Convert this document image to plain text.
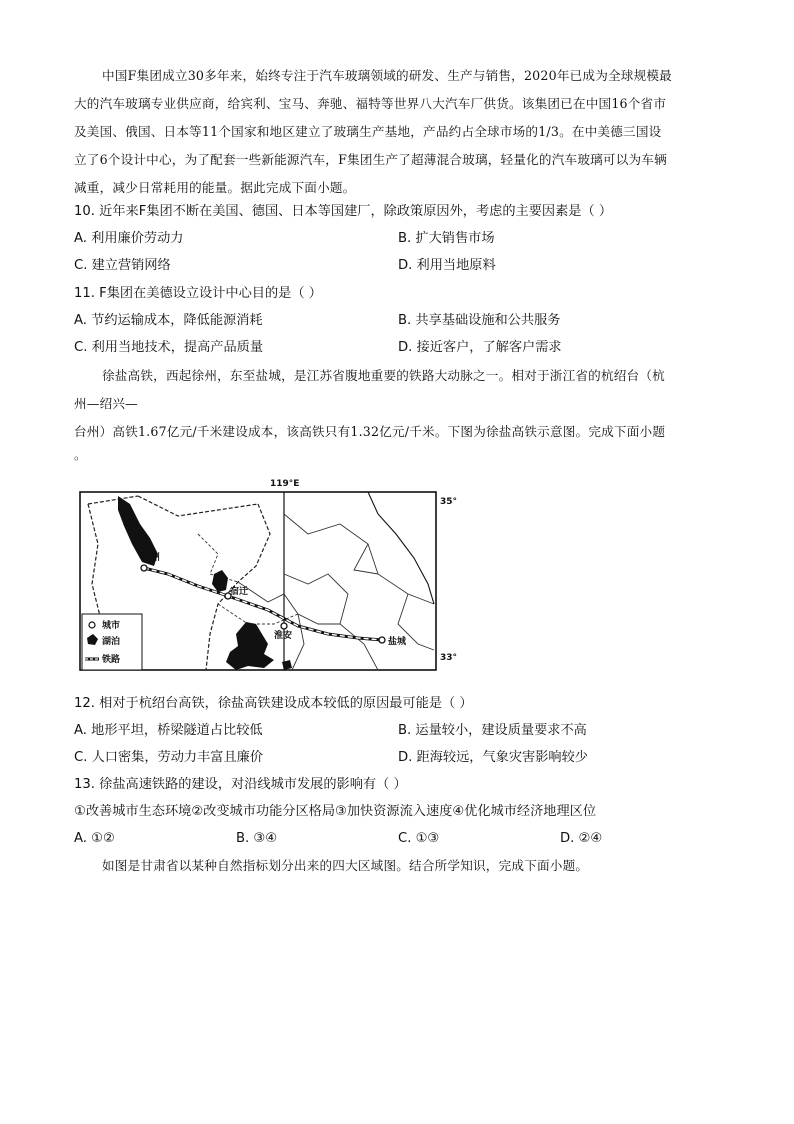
中国F集团成立30多年来，始终专注于汽车玻璃领域的研发、生产与销售，2020年已成为全球规模最
大的汽车玻璃专业供应商，给宾利、宝马、奔驰、福特等世界八大汽车厂供货。该集团已在中国16个省市
及美国、俄国、日本等11个国家和地区建立了玻璃生产基地，产品约占全球市场的1/3。在中美德三国设
立了6个设计中心，为了配套一些新能源汽车，F集团生产了超薄混合玻璃，轻量化的汽车玻璃可以为车辆
减重，减少日常耗用的能量。据此完成下面小题。
10. 近年来F集团不断在美国、德国、日本等国建厂，除政策原因外，考虑的主要因素是（ ）
A. 利用廉价劳动力	B. 扩大销售市场
C. 建立营销网络	D. 利用当地原料
11. F集团在美德设立设计中心目的是（ ）
A. 节约运输成本，降低能源消耗	B. 共享基础设施和公共服务
C. 利用当地技术，提高产品质量	D. 接近客户，了解客户需求
徐盐高铁，西起徐州，东至盐城，是江苏省腹地重要的铁路大动脉之一。相对于浙江省的杭绍台（杭
州—绍兴—
台州）高铁1.67亿元/千米建设成本，该高铁只有1.32亿元/千米。下图为徐盐高铁示意图。完成下面小题
。
119°E
35°
33°
徐州
宿迁
淮安
盐城
城市
湖泊
铁路
12. 相对于杭绍台高铁，徐盐高铁建设成本较低的原因最可能是（ ）
A. 地形平坦，桥梁隧道占比较低	B. 运量较小，建设质量要求不高
C. 人口密集，劳动力丰富且廉价	D. 距海较远，气象灾害影响较少
13. 徐盐高速铁路的建设，对沿线城市发展的影响有（ ）
①改善城市生态环境②改变城市功能分区格局③加快资源流入速度④优化城市经济地理区位
A. ①②	B. ③④	C. ①③	D. ②④
如图是甘肃省以某种自然指标划分出来的四大区域图。结合所学知识，完成下面小题。
